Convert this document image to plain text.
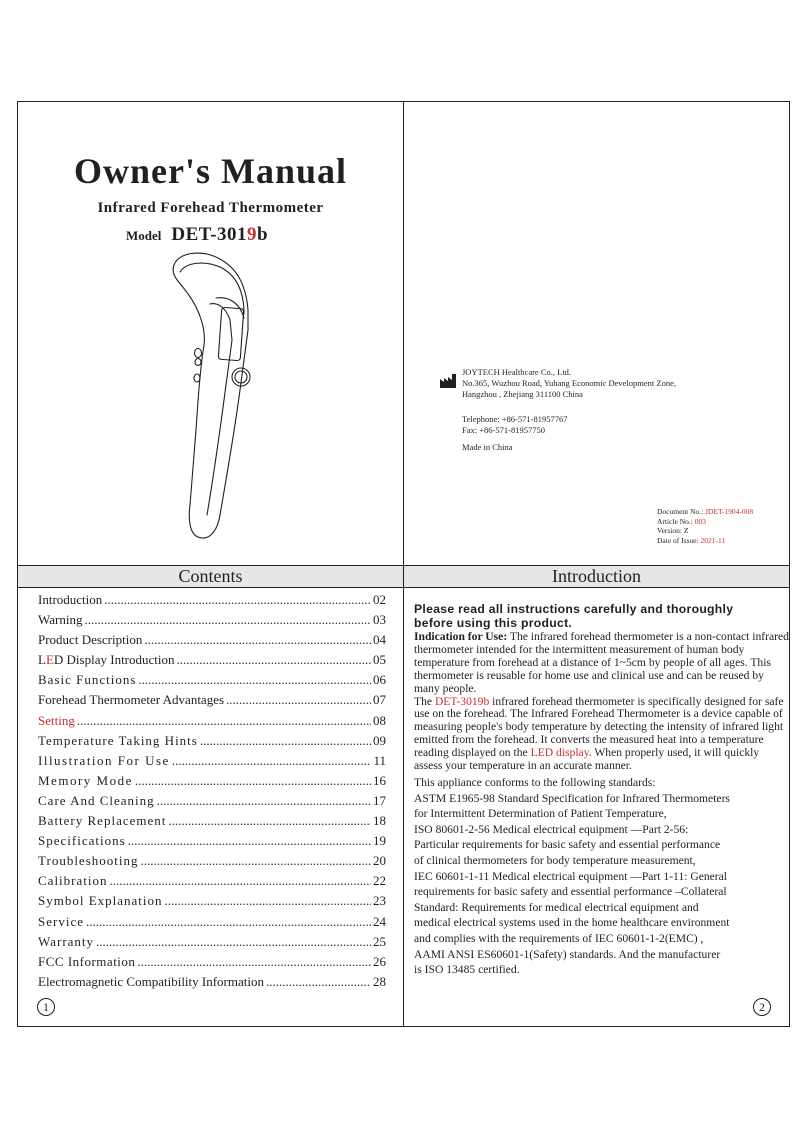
Owner's Manual
Infrared Forehead Thermometer
Model DET-3019b
JOYTECH Healthcare Co., Ltd.
No.365, Wuzhou Road, Yuhang Economic Development Zone,
Hangzhou , Zhejiang 311100 China
Telephone: +86-571-81957767
Fax: +86-571-81957750
Made in China
Document No.: JDET-1904-008
Article No.: 003
Version: Z
Date of Issue: 2021-11
Contents
Introduction .....	02
Warning .....	03
Product Description .....	04
LED Display Introduction .....	05
Basic Functions .....	06
Forehead Thermometer Advantages .....	07
Setting .....	08
Temperature Taking Hints .....	09
Illustration For Use .....	11
Memory Mode .....	16
Care And Cleaning .....	17
Battery Replacement .....	18
Specifications .....	19
Troubleshooting .....	20
Calibration .....	22
Symbol Explanation .....	23
Service .....	24
Warranty .....	25
FCC Information .....	26
Electromagnetic Compatibility Information .....	28
1
Introduction
Please read all instructions carefully and thoroughly
before using this product.

Indication for Use: The infrared forehead thermometer is a non-contact infrared thermometer intended for the intermittent measurement of human body temperature from forehead at a distance of 1~5cm by people of all ages. This thermometer is reusable for home use and clinical use and can be reused by many people.

The DET-3019b infrared forehead thermometer is specifically designed for safe use on the forehead. The Infrared Forehead Thermometer is a device capable of measuring people's body temperature by detecting the intensity of infrared light emitted from the forehead. It converts the measured heat into a temperature reading displayed on the LED display. When properly used, it will quickly assess your temperature in an accurate manner.

This appliance conforms to the following standards:
ASTM E1965-98 Standard Specification for Infrared Thermometers
for Intermittent Determination of Patient Temperature,
ISO 80601-2-56 Medical electrical equipment —Part 2-56:
Particular requirements for basic safety and essential performance
of clinical thermometers for body temperature measurement,
IEC 60601-1-11 Medical electrical equipment —Part 1-11: General
requirements for basic safety and essential performance –Collateral
Standard: Requirements for medical electrical equipment and
medical electrical systems used in the home healthcare environment
and complies with the requirements of IEC 60601-1-2(EMC) ,
AAMI ANSI ES60601-1(Safety) standards. And the manufacturer
is ISO 13485 certified.
2
